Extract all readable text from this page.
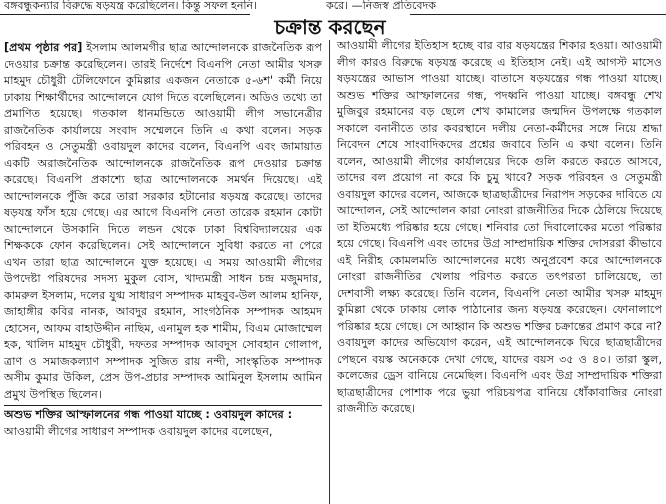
বঙ্গবন্ধুকন্যার বিরুদ্ধে ষড়যন্ত্র করেছিলেন। কিন্তু সফল হননি।	করে। —নিজস্ব প্রতিবেদক
চক্রান্ত করছেন

[প্রথম পৃষ্ঠার পর] ইসলাম আলমগীর ছাত্র আন্দোলনকে রাজনৈতিক রূপ দেওয়ার চক্রান্ত করেছিলেন। তারই নির্দেশে বিএনপি নেতা আমীর খসরু মাহমুদ চৌধুরী টেলিফোনে কুমিল্লার একজন নেতাকে ৫-৬শ' কর্মী নিয়ে ঢাকায় শিক্ষার্থীদের আন্দোলনে যোগ দিতে বলেছিলেন। অডিও তথ্যে তা প্রমাণিত হয়েছে। গতকাল ধানমন্ডিতে আওয়ামী লীগ সভানেত্রীর রাজনৈতিক কার্যালয়ে সংবাদ সম্মেলনে তিনি এ কথা বলেন। সড়ক পরিবহন ও সেতুমন্ত্রী ওবায়দুল কাদের বলেন, বিএনপি এবং জামায়াত একটি অরাজনৈতিক আন্দোলনকে রাজনৈতিক রূপ দেওয়ার চক্রান্ত করেছে। বিএনপি প্রকাশ্যে ছাত্র আন্দোলনকে সমর্থন দিয়েছে। এই আন্দোলনকে পুঁজি করে তারা সরকার হটানোর ষড়যন্ত্র করেছে। তাদের ষড়যন্ত্র ফাঁস হয়ে গেছে। এর আগে বিএনপি নেতা তারেক রহমান কোটা আন্দোলনে উসকানি দিতে লন্ডন থেকে ঢাকা বিশ্ববিদ্যালয়ের এক শিক্ষককে ফোন করেছিলেন। সেই আন্দোলনে সুবিধা করতে না পেরে এখন তারা ছাত্র আন্দোলনে যুক্ত হয়েছে। এ সময় আওয়ামী লীগের উপদেষ্টা পরিষদের সদস্য মুকুল বোস, খাদ্যমন্ত্রী সাধন চন্দ্র মজুমদার, কামরুল ইসলাম, দলের যুগ্ম সাধারণ সম্পাদক মাহবুব-উল আলম হানিফ, জাহাঙ্গীর কবির নানক, আবদুর রহমান, সাংগঠনিক সম্পাদক আহমদ হোসেন, আফম বাহাউদ্দীন নাছিম, এনামুল হক শামীম, বিএম মোজাম্মেল হক, খালিদ মাহমুদ চৌধুরী, দফতর সম্পাদক আবদুস সোবহান গোলাপ, ত্রাণ ও সমাজকল্যাণ সম্পাদক সুজিত রায় নন্দী, সাংস্কৃতিক সম্পাদক অসীম কুমার উকিল, প্রেস উপ-প্রচার সম্পাদক আমিনুল ইসলাম আমিন প্রমুখ উপস্থিত ছিলেন।

অশুভ শক্তির আস্ফালনের গন্ধ পাওয়া যাচ্ছে : ওবায়দুল কাদের :

আওয়ামী লীগের সাধারণ সম্পাদক ওবায়দুল কাদের বলেছেন,

আওয়ামী লীগের ইতিহাস হচ্ছে বার বার ষড়যন্ত্রের শিকার হওয়া। আওয়ামী লীগ কারও বিরুদ্ধে ষড়যন্ত্র করেছে এ ইতিহাস নেই। এই আগস্ট মাসেও ষড়যন্ত্রের আভাস পাওয়া যাচ্ছে। বাতাসে ষড়যন্ত্রের গন্ধ পাওয়া যাচ্ছে। অশুভ শক্তির আস্ফালনের গন্ধ, পদধ্বনি পাওয়া যাচ্ছে। বঙ্গবন্ধু শেখ মুজিবুর রহমানের বড় ছেলে শেখ কামালের জন্মদিন উপলক্ষে গতকাল সকালে বনানীতে তার কবরস্থানে দলীয় নেতা-কর্মীদের সঙ্গে নিয়ে শ্রদ্ধা নিবেদন শেষে সাংবাদিকদের প্রশ্নের জবাবে তিনি এ কথা বলেন। তিনি বলেন, আওয়ামী লীগের কার্যালয়ের দিকে গুলি করতে করতে আসবে, তাদের বল প্রয়োগ না করে কি চুমু খাবে? সড়ক পরিবহন ও সেতুমন্ত্রী ওবায়দুল কাদের বলেন, আজকে ছাত্রছাত্রীদের নিরাপদ সড়কের দাবিতে যে আন্দোলন, সেই আন্দোলন কারা নোংরা রাজনীতির দিকে ঠেলিয়ে দিয়েছে তা ইতিমধ্যে পরিষ্কার হয়ে গেছে। শনিবার তো দিবালোকের মতো পরিষ্কার হয়ে গেছে। বিএনপি এবং তাদের উগ্র সাম্প্রদায়িক শক্তির দোসররা কীভাবে এই নিরীহ কোমলমতি আন্দোলনের মধ্যে অনুপ্রবেশ করে আন্দোলনকে নোংরা রাজনীতির খেলায় পরিণত করতে তৎপরতা চালিয়েছে, তা দেশবাসী লক্ষ্য করেছে। তিনি বলেন, বিএনপি নেতা আমীর খসরু মাহমুদ কুমিল্লা থেকে ঢাকায় লোক পাঠানোর জন্য ষড়যন্ত্র করেছেন। ফোনালাপে পরিষ্কার হয়ে গেছে। সে আহ্বান কি অশুভ শক্তির চক্রান্তের প্রমাণ করে না? ওবায়দুল কাদের অভিযোগ করেন, এই আন্দোলনকে ঘিরে ছাত্রছাত্রীদের পেছনে বয়স্ক অনেককে দেখা গেছে, যাদের বয়স ৩৫ ও ৪০। তারা স্কুল, কলেজের ড্রেস বানিয়ে নেমেছিল। বিএনপি এবং উগ্র সাম্প্রদায়িক শক্তিরা ছাত্রছাত্রীদের পোশাক পরে ভুয়া পরিচয়পত্র বানিয়ে ধোঁকাবাজির নোংরা রাজনীতি করেছে।
